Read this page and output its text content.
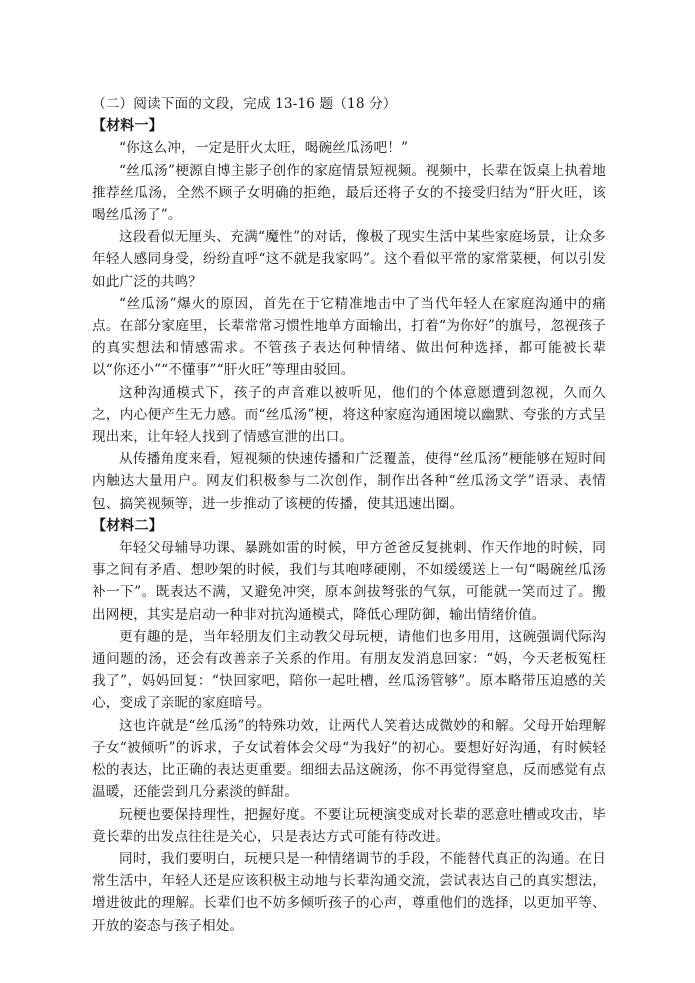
（二）阅读下面的文段，完成 13-16 题（18 分）

【材料一】

“你这么冲，一定是肝火太旺，喝碗丝瓜汤吧！”

“丝瓜汤”梗源自博主影子创作的家庭情景短视频。视频中，长辈在饭桌上执着地推荐丝瓜汤，全然不顾子女明确的拒绝，最后还将子女的不接受归结为“肝火旺，该喝丝瓜汤了”。

这段看似无厘头、充满“魔性”的对话，像极了现实生活中某些家庭场景，让众多年轻人感同身受，纷纷直呼“这不就是我家吗”。这个看似平常的家常菜梗，何以引发如此广泛的共鸣？

“丝瓜汤”爆火的原因，首先在于它精准地击中了当代年轻人在家庭沟通中的痛点。在部分家庭里，长辈常常习惯性地单方面输出，打着“为你好”的旗号，忽视孩子的真实想法和情感需求。不管孩子表达何种情绪、做出何种选择，都可能被长辈以“你还小”“不懂事”“肝火旺”等理由驳回。

这种沟通模式下，孩子的声音难以被听见，他们的个体意愿遭到忽视，久而久之，内心便产生无力感。而“丝瓜汤”梗，将这种家庭沟通困境以幽默、夸张的方式呈现出来，让年轻人找到了情感宣泄的出口。

从传播角度来看，短视频的快速传播和广泛覆盖，使得“丝瓜汤”梗能够在短时间内触达大量用户。网友们积极参与二次创作，制作出各种“丝瓜汤文学”语录、表情包、搞笑视频等，进一步推动了该梗的传播，使其迅速出圈。

【材料二】

年轻父母辅导功课、暴跳如雷的时候，甲方爸爸反复挑刺、作天作地的时候，同事之间有矛盾、想吵架的时候，我们与其咆哮硬刚，不如缓缓送上一句“喝碗丝瓜汤补一下”。既表达不满，又避免冲突，原本剑拔弩张的气氛，可能就一笑而过了。搬出网梗，其实是启动一种非对抗沟通模式，降低心理防御，输出情绪价值。

更有趣的是，当年轻朋友们主动教父母玩梗，请他们也多用用，这碗强调代际沟通问题的汤，还会有改善亲子关系的作用。有朋友发消息回家：“妈，今天老板冤枉我了”，妈妈回复：“快回家吧，陪你一起吐槽，丝瓜汤管够”。原本略带压迫感的关心，变成了亲昵的家庭暗号。

这也许就是“丝瓜汤”的特殊功效，让两代人笑着达成微妙的和解。父母开始理解子女“被倾听”的诉求，子女试着体会父母“为我好”的初心。要想好好沟通，有时候轻松的表达，比正确的表达更重要。细细去品这碗汤，你不再觉得窒息，反而感觉有点温暖，还能尝到几分素淡的鲜甜。

玩梗也要保持理性，把握好度。不要让玩梗演变成对长辈的恶意吐槽或攻击，毕竟长辈的出发点往往是关心，只是表达方式可能有待改进。

同时，我们要明白，玩梗只是一种情绪调节的手段，不能替代真正的沟通。在日常生活中，年轻人还是应该积极主动地与长辈沟通交流，尝试表达自己的真实想法，增进彼此的理解。长辈们也不妨多倾听孩子的心声，尊重他们的选择，以更加平等、开放的姿态与孩子相处。
